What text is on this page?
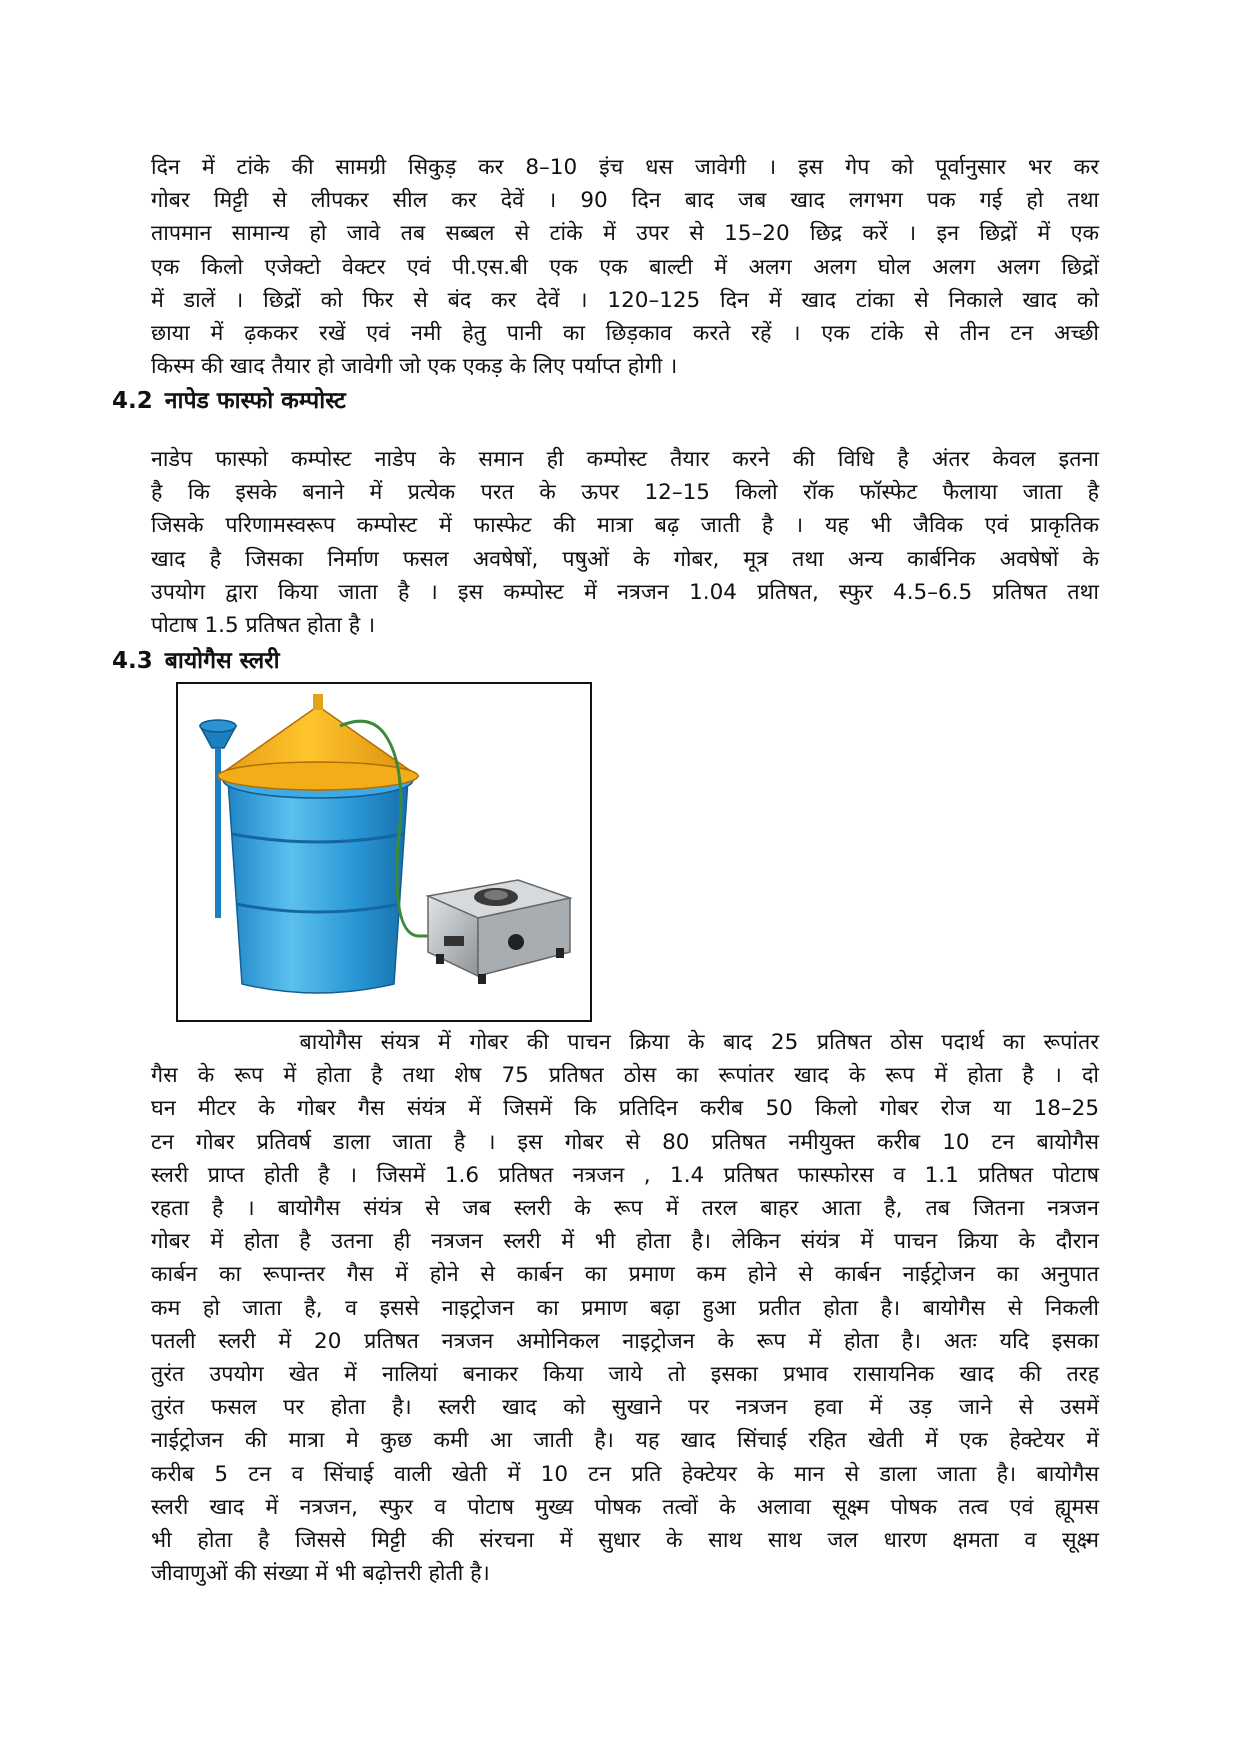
दिन में टांके की सामग्री सिकुड़ कर 8–10 इंच धस जावेगी । इस गेप को पूर्वानुसार भर कर
गोबर मिट्टी से लीपकर सील कर देवें । 90 दिन बाद जब खाद लगभग पक गई हो तथा
तापमान सामान्य हो जावे तब सब्बल से टांके में उपर से 15–20 छिद्र करें । इन छिद्रों में एक
एक किलो एजेक्टो वेक्टर एवं पी.एस.बी एक एक बाल्टी में अलग अलग घोल अलग अलग छिद्रों
में डालें । छिद्रों को फिर से बंद कर देवें । 120–125 दिन में खाद टांका से निकाले खाद को
छाया में ढ़ककर रखें एवं नमी हेतु पानी का छिड़काव करते रहें । एक टांके से तीन टन अच्छी
किस्म की खाद तैयार हो जावेगी जो एक एकड़ के लिए पर्याप्त होगी ।
4.2 नापेड फास्फो कम्पोस्ट
नाडेप फास्फो कम्पोस्ट नाडेप के समान ही कम्पोस्ट तैयार करने की विधि है अंतर केवल इतना
है कि इसके बनाने में प्रत्येक परत के ऊपर 12–15 किलो रॉक फॉस्फेट फैलाया जाता है
जिसके परिणामस्वरूप कम्पोस्ट में फास्फेट की मात्रा बढ़ जाती है । यह भी जैविक एवं प्राकृतिक
खाद है जिसका निर्माण फसल अवषेषों, पषुओं के गोबर, मूत्र तथा अन्य कार्बनिक अवषेषों के
उपयोग द्वारा किया जाता है । इस कम्पोस्ट में नत्रजन 1.04 प्रतिषत, स्फुर 4.5–6.5 प्रतिषत तथा
पोटाष 1.5 प्रतिषत होता है ।
4.3 बायोगैस स्लरी
बायोगैस संयत्र में गोबर की पाचन क्रिया के बाद 25 प्रतिषत ठोस पदार्थ का रूपांतर
गैस के रूप में होता है तथा शेष 75 प्रतिषत ठोस का रूपांतर खाद के रूप में होता है । दो
घन मीटर के गोबर गैस संयंत्र में जिसमें कि प्रतिदिन करीब 50 किलो गोबर रोज या 18–25
टन गोबर प्रतिवर्ष डाला जाता है । इस गोबर से 80 प्रतिषत नमीयुक्त करीब 10 टन बायोगैस
स्लरी प्राप्त होती है । जिसमें 1.6 प्रतिषत नत्रजन , 1.4 प्रतिषत फास्फोरस व 1.1 प्रतिषत पोटाष
रहता है । बायोगैस संयंत्र से जब स्लरी के रूप में तरल बाहर आता है, तब जितना नत्रजन
गोबर में होता है उतना ही नत्रजन स्लरी में भी होता है। लेकिन संयंत्र में पाचन क्रिया के दौरान
कार्बन का रूपान्तर गैस में होने से कार्बन का प्रमाण कम होने से कार्बन नाईट्रोजन का अनुपात
कम हो जाता है, व इससे नाइट्रोजन का प्रमाण बढ़ा हुआ प्रतीत होता है। बायोगैस से निकली
पतली स्लरी में 20 प्रतिषत नत्रजन अमोनिकल नाइट्रोजन के रूप में होता है। अतः यदि इसका
तुरंत उपयोग खेत में नालियां बनाकर किया जाये तो इसका प्रभाव रासायनिक खाद की तरह
तुरंत फसल पर होता है। स्लरी खाद को सुखाने पर नत्रजन हवा में उड़ जाने से उसमें
नाईट्रोजन की मात्रा मे कुछ कमी आ जाती है। यह खाद सिंचाई रहित खेती में एक हेक्टेयर में
करीब 5 टन व सिंचाई वाली खेती में 10 टन प्रति हेक्टेयर के मान से डाला जाता है। बायोगैस
स्लरी खाद में नत्रजन, स्फुर व पोटाष मुख्य पोषक तत्वों के अलावा सूक्ष्म पोषक तत्व एवं ह्यूमस
भी होता है जिससे मिट्टी की संरचना में सुधार के साथ साथ जल धारण क्षमता व सूक्ष्म
जीवाणुओं की संख्या में भी बढ़ोत्तरी होती है।
